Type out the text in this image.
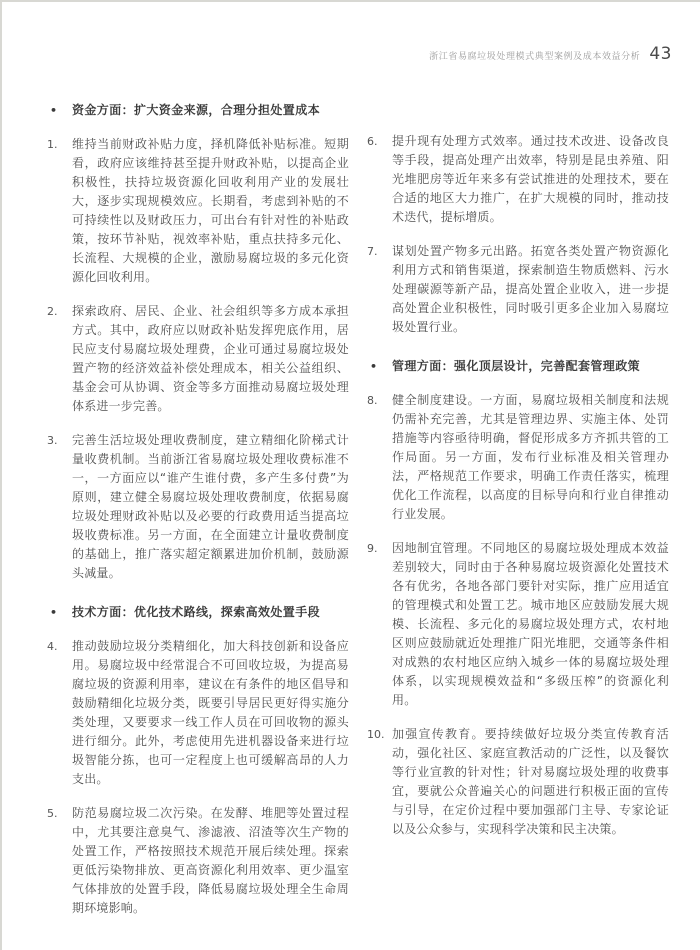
浙江省易腐垃圾处理模式典型案例及成本效益分析 43
•	资金方面：扩大资金来源，合理分担处置成本
1.	维持当前财政补贴力度，择机降低补贴标准。短期看，政府应该维持甚至提升财政补贴，以提高企业积极性，扶持垃圾资源化回收利用产业的发展壮大，逐步实现规模效应。长期看，考虑到补贴的不可持续性以及财政压力，可出台有针对性的补贴政策，按环节补贴，视效率补贴，重点扶持多元化、长流程、大规模的企业，激励易腐垃圾的多元化资源化回收利用。
2.	探索政府、居民、企业、社会组织等多方成本承担方式。其中，政府应以财政补贴发挥兜底作用，居民应支付易腐垃圾处理费，企业可通过易腐垃圾处置产物的经济效益补偿处理成本，相关公益组织、基金会可从协调、资金等多方面推动易腐垃圾处理体系进一步完善。
3.	完善生活垃圾处理收费制度，建立精细化阶梯式计量收费机制。当前浙江省易腐垃圾处理收费标准不一，一方面应以“谁产生谁付费，多产生多付费”为原则，建立健全易腐垃圾处理收费制度，依据易腐垃圾处理财政补贴以及必要的行政费用适当提高垃圾收费标准。另一方面，在全面建立计量收费制度的基础上，推广落实超定额累进加价机制，鼓励源头减量。
•	技术方面：优化技术路线，探索高效处置手段
4.	推动鼓励垃圾分类精细化，加大科技创新和设备应用。易腐垃圾中经常混合不可回收垃圾，为提高易腐垃圾的资源利用率，建议在有条件的地区倡导和鼓励精细化垃圾分类，既要引导居民更好得实施分类处理，又要要求一线工作人员在可回收物的源头进行细分。此外，考虑使用先进机器设备来进行垃圾智能分拣，也可一定程度上也可缓解高昂的人力支出。
5.	防范易腐垃圾二次污染。在发酵、堆肥等处置过程中，尤其要注意臭气、渗滤液、沼渣等次生产物的处置工作，严格按照技术规范开展后续处理。探索更低污染物排放、更高资源化利用效率、更少温室气体排放的处置手段，降低易腐垃圾处理全生命周期环境影响。
6.	提升现有处理方式效率。通过技术改进、设备改良等手段，提高处理产出效率，特别是昆虫养殖、阳光堆肥房等近年来多有尝试推进的处理技术，要在合适的地区大力推广，在扩大规模的同时，推动技术迭代，提标增质。
7.	谋划处置产物多元出路。拓宽各类处置产物资源化利用方式和销售渠道，探索制造生物质燃料、污水处理碳源等新产品，提高处置企业收入，进一步提高处置企业积极性，同时吸引更多企业加入易腐垃圾处置行业。
•	管理方面：强化顶层设计，完善配套管理政策
8.	健全制度建设。一方面，易腐垃圾相关制度和法规仍需补充完善，尤其是管理边界、实施主体、处罚措施等内容亟待明确，督促形成多方齐抓共管的工作局面。另一方面，发布行业标准及相关管理办法，严格规范工作要求，明确工作责任落实，梳理优化工作流程，以高度的目标导向和行业自律推动行业发展。
9.	因地制宜管理。不同地区的易腐垃圾处理成本效益差别较大，同时由于各种易腐垃圾资源化处置技术各有优劣，各地各部门要针对实际，推广应用适宜的管理模式和处置工艺。城市地区应鼓励发展大规模、长流程、多元化的易腐垃圾处理方式，农村地区则应鼓励就近处理推广阳光堆肥，交通等条件相对成熟的农村地区应纳入城乡一体的易腐垃圾处理体系，以实现规模效益和“多级压榨”的资源化利用。
10. 加强宣传教育。要持续做好垃圾分类宣传教育活动，强化社区、家庭宣教活动的广泛性，以及餐饮等行业宣教的针对性；针对易腐垃圾处理的收费事宜，要就公众普遍关心的问题进行积极正面的宣传与引导，在定价过程中要加强部门主导、专家论证以及公众参与，实现科学决策和民主决策。
